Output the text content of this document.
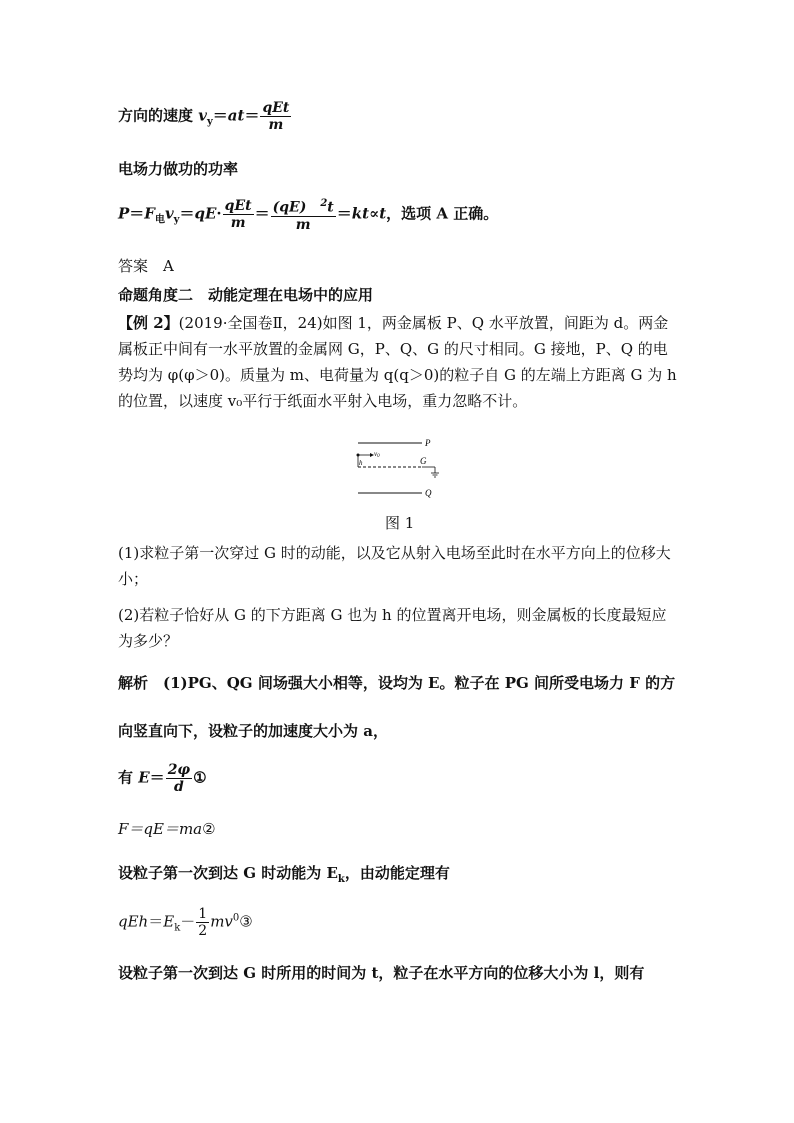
方向的速度 $v_y=at= \frac{\text{qEt}}{m}$
电场力做功的功率
$P=F_电v_y=qE\cdot \frac{\text{qEt}}{m} = \frac{(qE) ^2t}{m} =kt\propto t$，选项 A 正确。
答案　A
命题角度二　动能定理在电场中的应用
【例 2】(2019·全国卷Ⅱ，24)如图 1，两金属板 P、Q 水平放置，间距为 d。两金属板正中间有一水平放置的金属网 G，P、Q、G 的尺寸相同。G 接地，P、Q 的电势均为 φ(φ＞0)。质量为 m、电荷量为 q(q＞0)的粒子自 G 的左端上方距离 G 为 h 的位置，以速度 v₀平行于纸面水平射入电场，重力忽略不计。
P
v0
h	G
Q
图 1
(1)求粒子第一次穿过 G 时的动能，以及它从射入电场至此时在水平方向上的位移大小；
(2)若粒子恰好从 G 的下方距离 G 也为 h 的位置离开电场，则金属板的长度最短应为多少？
解析　(1)PG、QG 间场强大小相等，设均为 E。粒子在 PG 间所受电场力 F 的方
向竖直向下，设粒子的加速度大小为 a，
有 $E= \frac{2\varphi}{d}$ ①
F＝qE＝ma②
设粒子第一次到达 G 时动能为 $E_k$，由动能定理有
$qEh=E_k- \frac{1}{2}$ $mv^0③$
设粒子第一次到达 G 时所用的时间为 t，粒子在水平方向的位移大小为 l，则有
